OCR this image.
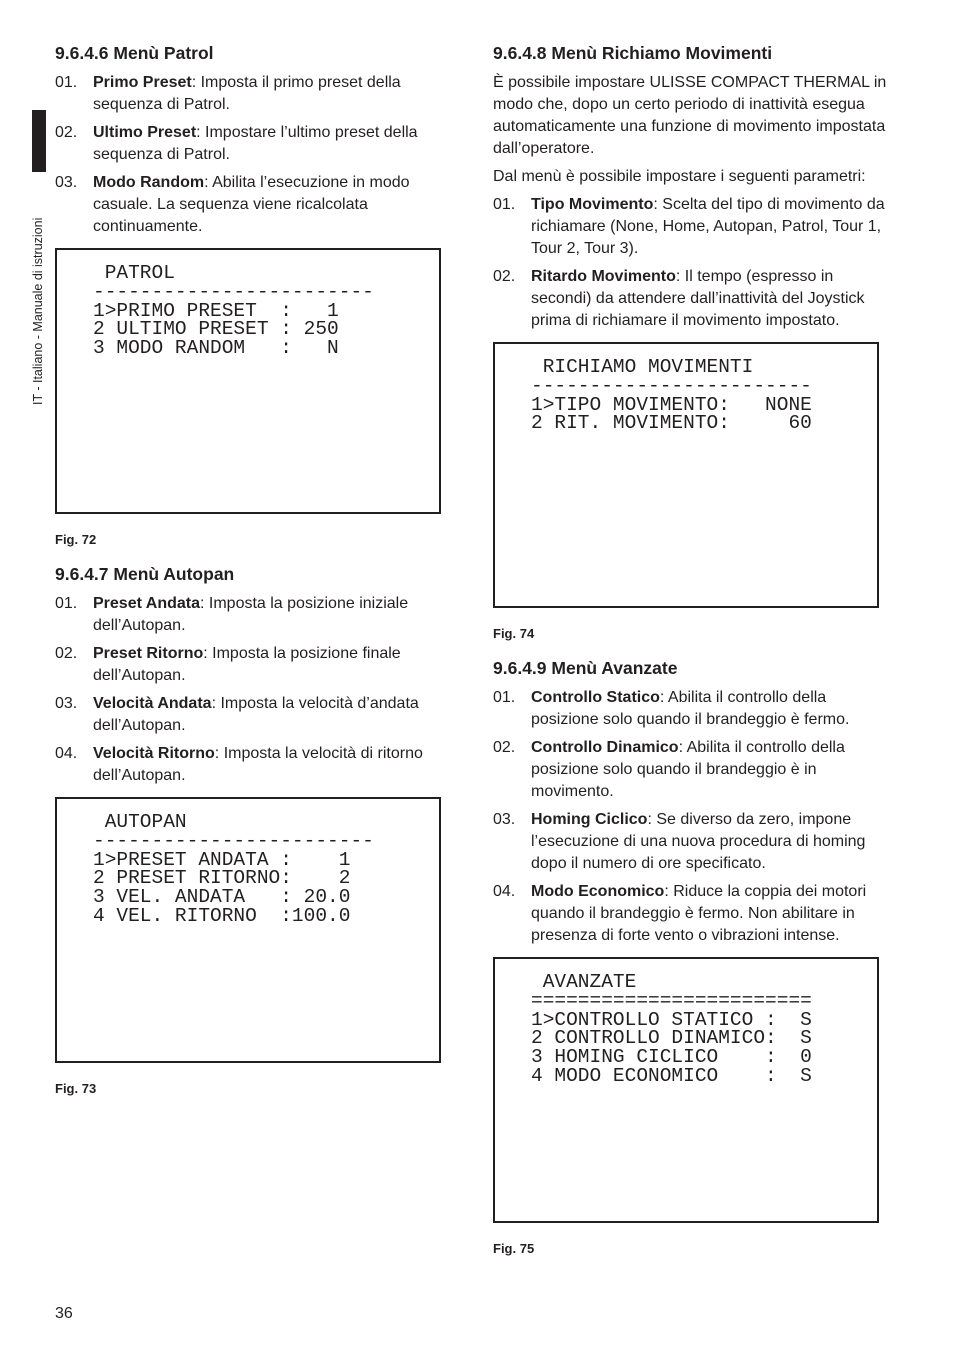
IT - Italiano - Manuale di istruzioni
9.6.4.6 Menù Patrol
01. Primo Preset: Imposta il primo preset della sequenza di Patrol.
02. Ultimo Preset: Impostare l’ultimo preset della sequenza di Patrol.
03. Modo Random: Abilita l’esecuzione in modo casuale. La sequenza viene ricalcolata continuamente.
PATROL
------------------------
1>PRIMO PRESET  :   1
2 ULTIMO PRESET : 250
3 MODO RANDOM   :   N
Fig. 72
9.6.4.7 Menù Autopan
01. Preset Andata: Imposta la posizione iniziale dell’Autopan.
02. Preset Ritorno: Imposta la posizione finale dell’Autopan.
03. Velocità Andata: Imposta la velocità d’andata dell’Autopan.
04. Velocità Ritorno: Imposta la velocità di ritorno dell’Autopan.
AUTOPAN
------------------------
1>PRESET ANDATA :    1
2 PRESET RITORNO:    2
3 VEL. ANDATA   : 20.0
4 VEL. RITORNO  :100.0
Fig. 73
9.6.4.8 Menù Richiamo Movimenti

È possibile impostare ULISSE COMPACT THERMAL in modo che, dopo un certo periodo di inattività esegua automaticamente una funzione di movimento impostata dall’operatore.

Dal menù è possibile impostare i seguenti parametri:

01. Tipo Movimento: Scelta del tipo di movimento da richiamare (None, Home, Autopan, Patrol, Tour 1, Tour 2, Tour 3).
02. Ritardo Movimento: Il tempo (espresso in secondi) da attendere dall’inattività del Joystick prima di richiamare il movimento impostato.
RICHIAMO MOVIMENTI
------------------------
1>TIPO MOVIMENTO:   NONE
2 RIT. MOVIMENTO:     60
Fig. 74
9.6.4.9 Menù Avanzate
01. Controllo Statico: Abilita il controllo della posizione solo quando il brandeggio è fermo.
02. Controllo Dinamico: Abilita il controllo della posizione solo quando il brandeggio è in movimento.
03. Homing Ciclico: Se diverso da zero, impone l’esecuzione di una nuova procedura di homing dopo il numero di ore specificato.
04. Modo Economico: Riduce la coppia dei motori quando il brandeggio è fermo. Non abilitare in presenza di forte vento o vibrazioni intense.
AVANZATE
========================
1>CONTROLLO STATICO :  S
2 CONTROLLO DINAMICO:  S
3 HOMING CICLICO    :  0
4 MODO ECONOMICO    :  S
Fig. 75
36
